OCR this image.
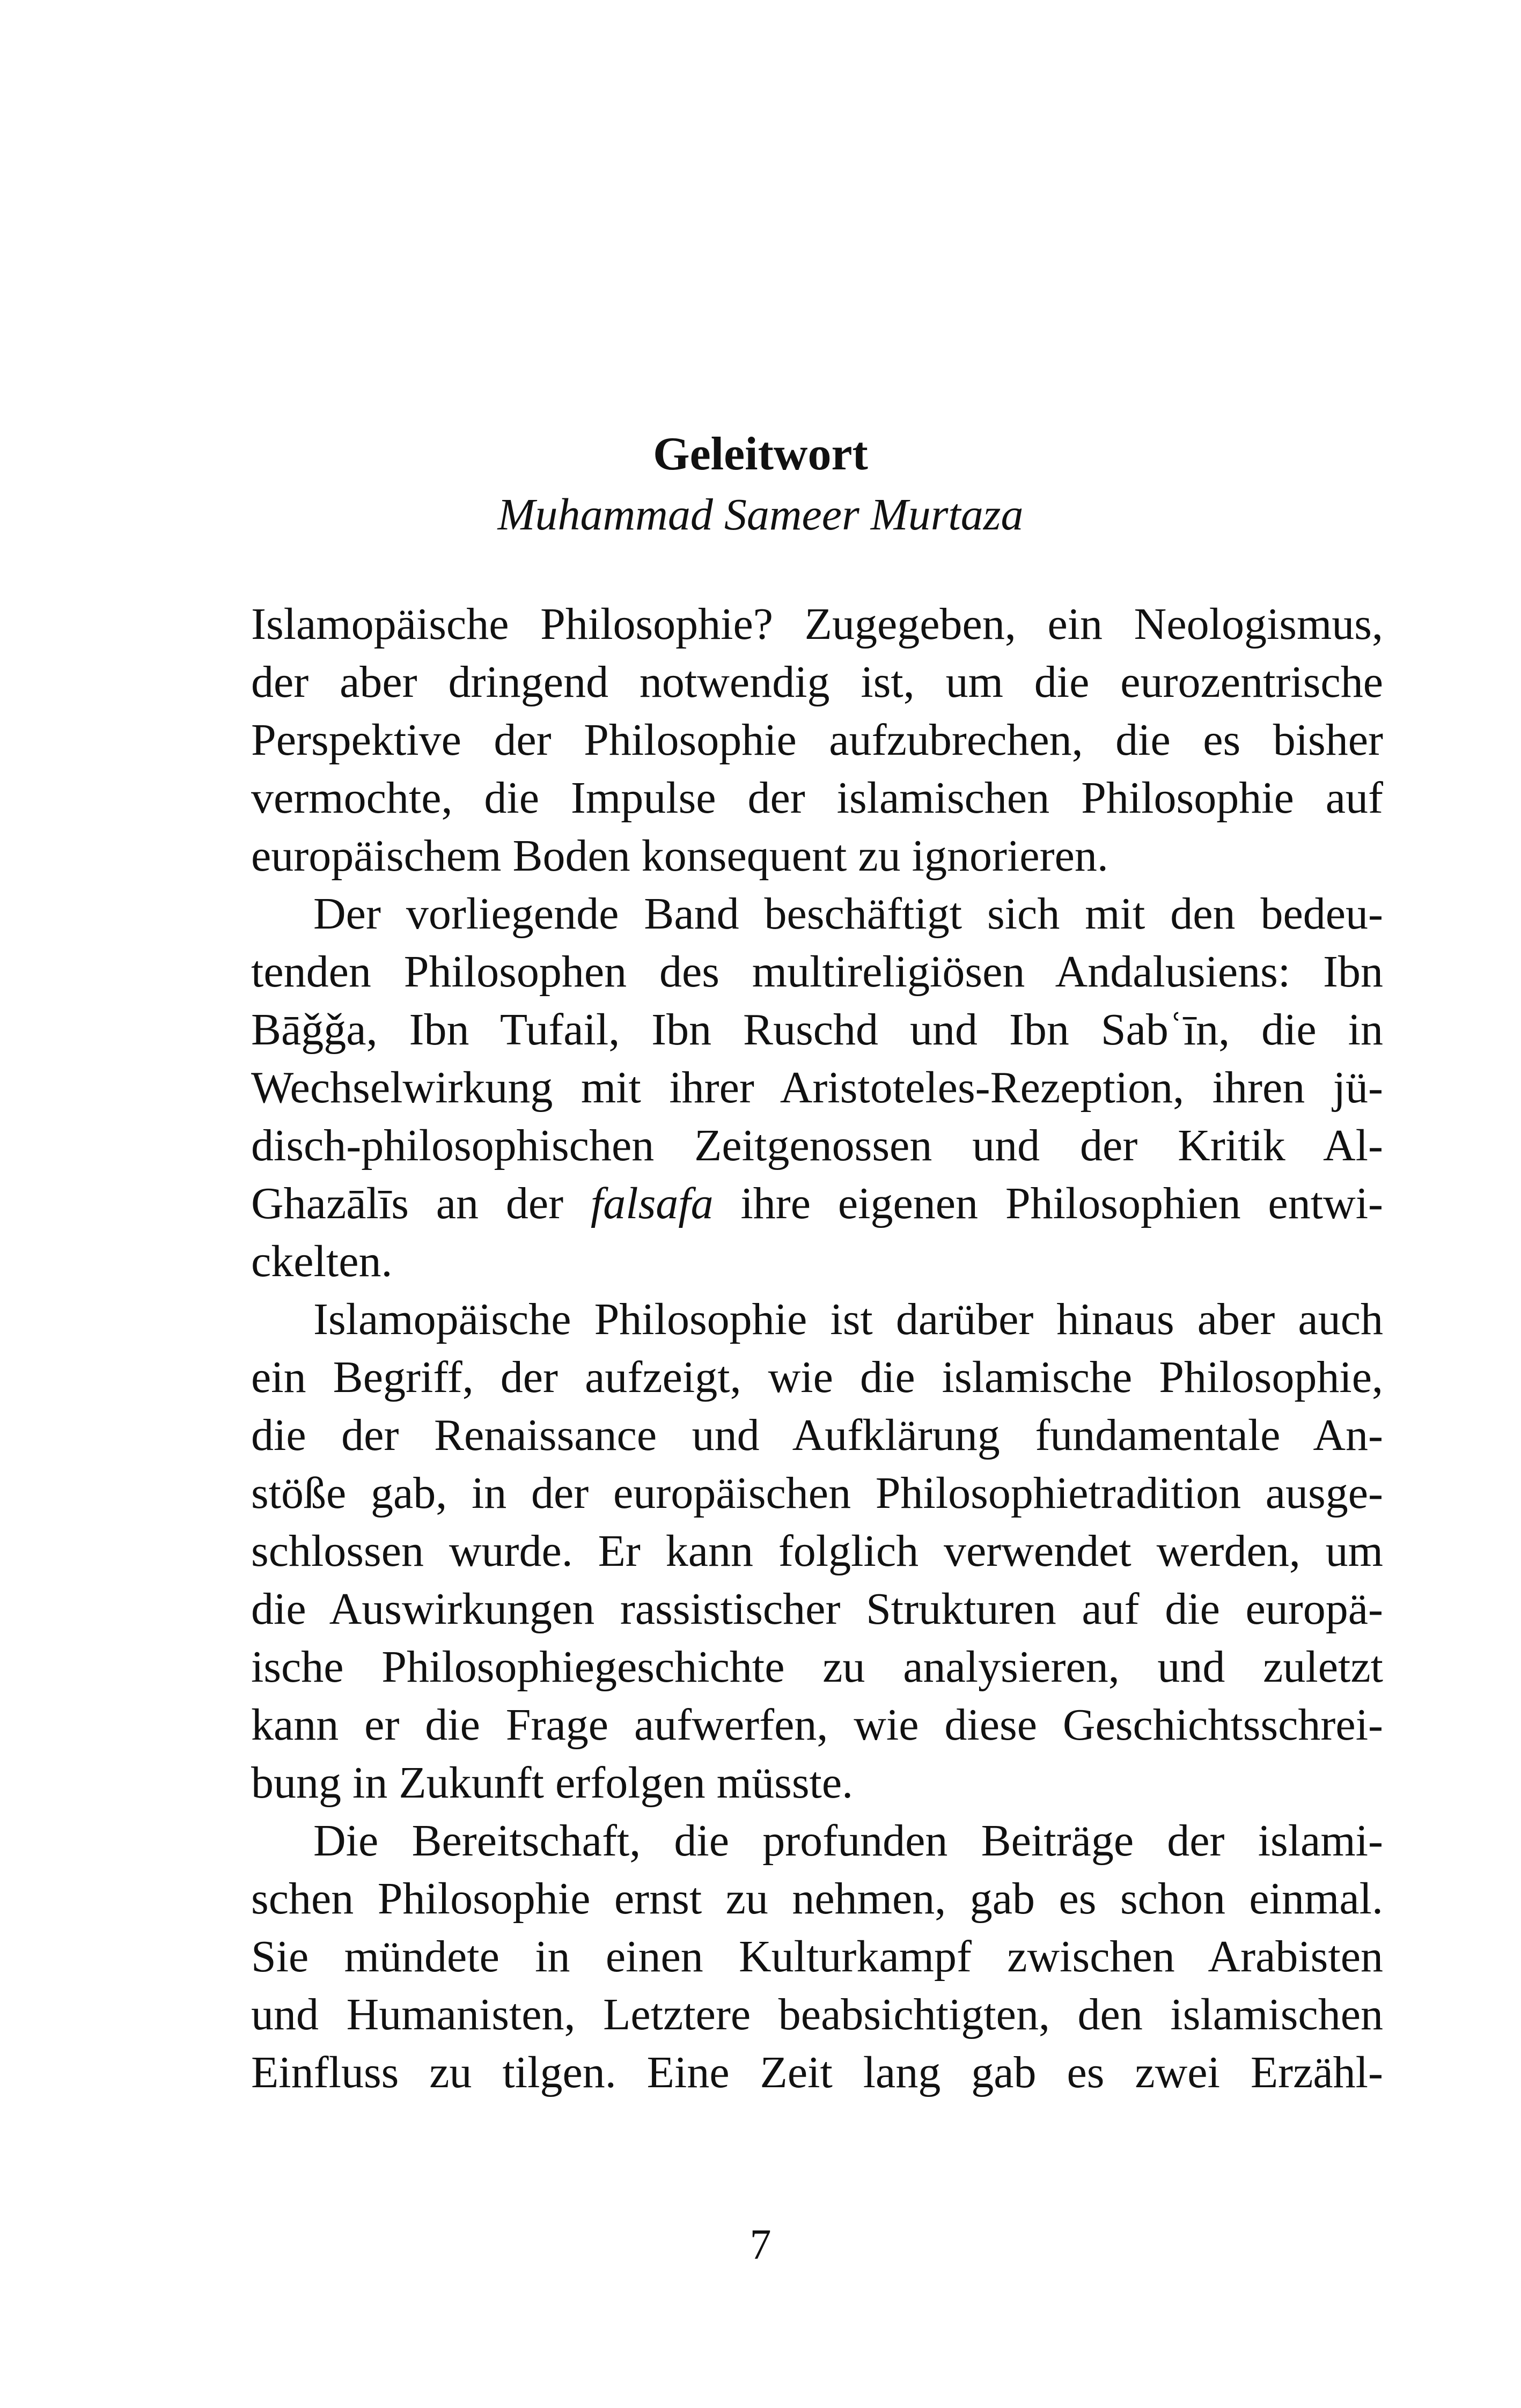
Geleitwort
Muhammad Sameer Murtaza
Islamopäische Philosophie? Zugegeben, ein Neologismus,
der aber dringend notwendig ist, um die eurozentrische
Perspektive der Philosophie aufzubrechen, die es bisher
vermochte, die Impulse der islamischen Philosophie auf
europäischem Boden konsequent zu ignorieren.
Der vorliegende Band beschäftigt sich mit den bedeu-
tenden Philosophen des multireligiösen Andalusiens: Ibn
Bāǧǧa, Ibn Tufail, Ibn Ruschd und Ibn Sabʿīn, die in
Wechselwirkung mit ihrer Aristoteles-Rezeption, ihren jü-
disch-philosophischen Zeitgenossen und der Kritik Al-
Ghazālīs an der falsafa ihre eigenen Philosophien entwi-
ckelten.
Islamopäische Philosophie ist darüber hinaus aber auch
ein Begriff, der aufzeigt, wie die islamische Philosophie,
die der Renaissance und Aufklärung fundamentale An-
stöße gab, in der europäischen Philosophietradition ausge-
schlossen wurde. Er kann folglich verwendet werden, um
die Auswirkungen rassistischer Strukturen auf die europä-
ische Philosophiegeschichte zu analysieren, und zuletzt
kann er die Frage aufwerfen, wie diese Geschichtsschrei-
bung in Zukunft erfolgen müsste.
Die Bereitschaft, die profunden Beiträge der islami-
schen Philosophie ernst zu nehmen, gab es schon einmal.
Sie mündete in einen Kulturkampf zwischen Arabisten
und Humanisten, Letztere beabsichtigten, den islamischen
Einfluss zu tilgen. Eine Zeit lang gab es zwei Erzähl-
7
